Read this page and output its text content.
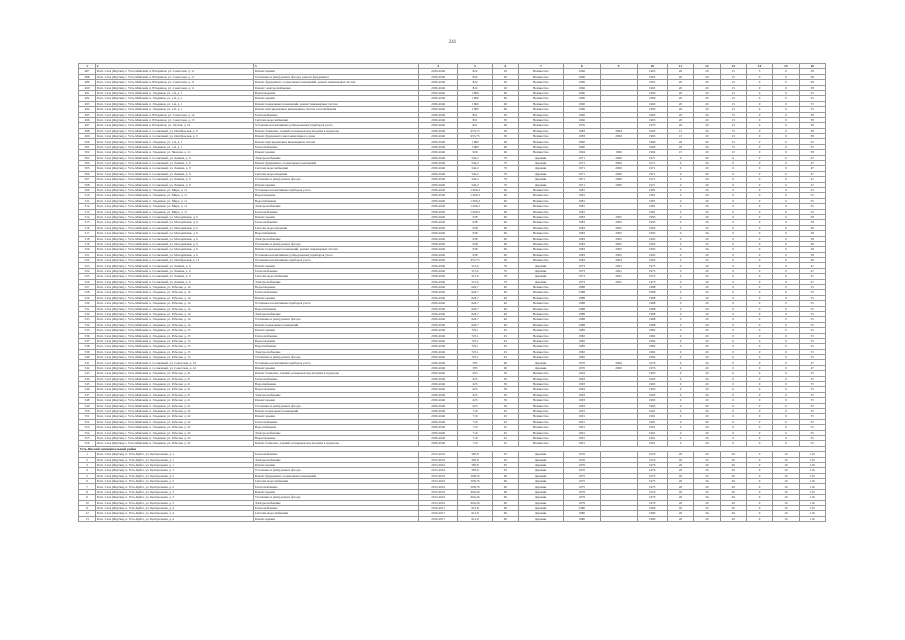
241
1	2	3	4	5	6	7	8	9	10	11	12	13	14	15	16
487	Респ. Саха (Якутия), г. Усть-Майский, п. Югорёнок, ул. Советская, д. 11	Ремонт крыши	2036-2040	822	20	Неизвестно	1966		1965	20	20	15	5	0	58
488	Респ. Саха (Якутия), г. Усть-Майский, п. Югорёнок, ул. Советская, д. 11	Утепление и (или) ремонт фасада, ремонт фундамента	2036-2040	822	20	Неизвестно	1996		1965	20	20	15	0	0	58
489	Респ. Саха (Якутия), г. Усть-Майский, п. Югорёнок, ул. Советская, д. 11	Ремонт фундамента, подвальных помещений, ремонт инженерных систем	2036-2040	822	20	Неизвестно	1966		1965	20	20	15	0	0	58
490	Респ. Саха (Якутия), г. Усть-Майский, п. Югорёнок, ул. Советская, д. 11	Ремонт электроснабжения	2036-2040	822	20	Неизвестно	1966		1965	20	20	15	0	0	58
491	Респ. Саха (Якутия), г. Усть-Майский, п. Эльдикан, ул. 1-й, д. 1	Водоотведение	2036-2040	1 860	60	Неизвестно	1990		1990	20	20	15	0	0	55
492	Респ. Саха (Якутия), г. Усть-Майский, п. Эльдикан, ул. 1-й, д. 1	Ремонт крыши	2036-2040	1 860	60	Неизвестно	1990		1990	20	20	15	0	0	55
493	Респ. Саха (Якутия), г. Усть-Майский, п. Эльдикан, ул. 1-й, д. 1	Ремонт подвальных помещений, ремонт инженерных систем	2036-2040	1 860	60	Неизвестно	1990		1990	20	20	15	0	0	55
494	Респ. Саха (Якутия), г. Усть-Майский, п. Эльдикан, ул. 1-й, д. 1	Ремонт внутридомовых инженерных систем газоснабжения	2036-2040	1 860	60	Неизвестно	1990		1990	20	20	15	0	0	55
495	Респ. Саха (Якутия), г. Усть-Майский, п. Югорёнок, ул. Советская, д. 12	Теплоснабжение	2036-2040	821	50	Неизвестно	1966		1965	20	20	15	0	0	58
496	Респ. Саха (Якутия), г. Усть-Майский, п. Югорёнок, ул. Советская, д. 13	Система водоснабжения	2036-2040	821	50	Неизвестно	1966		1965	20	20	15	0	0	58
497	Респ. Саха (Якутия), г. Усть-Майский, п. Югорёнок, ул. Лесная, д. 16	Установка коллективных (общедомовых) приборов учета	2036-2040	821	60	Неизвестно	1970		1970	20	20	15	0	0	58
498	Респ. Саха (Якутия), г. Усть-Майский, п. Солнечный, ул. Октябрьская, д. 9	Ремонт балконов, лоджий, козырьков над входами в подъезды	2036-2040	953,75	30	Неизвестно	1983	2004	1993	15	20	15	0	0	58
499	Респ. Саха (Якутия), г. Усть-Майский, п. Солнечный, ул. Октябрьская, д. 9	Ремонт фундамента многоквартирного дома	2036-2040	953,75	30	Неизвестно	1983	2004	1993	15	20	15	0	0	58
500	Респ. Саха (Якутия), г. Усть-Майский, п. Эльдикан, ул. 1-й, д. 1	Ремонт внутридомовых инженерных систем	2036-2040	1 860	60	Неизвестно	1990		1990	20	20	15	0	0	55
501	Респ. Саха (Якутия), г. Усть-Майский, п. Эльдикан, ул. 1-й, д. 1	Теплоснабжение	2036-2040	1 860	60	Неизвестно	1990		1990	20	20	15	0	0	55
502	Респ. Саха (Якутия), г. Усть-Майский, п. Эльдикан, ул. Чкалова, д. 11	Ремонт крыши	2036-2040	920	60	Неизвестно	1994	1996	1994	15	20	15	0	0	58
503	Респ. Саха (Якутия), г. Усть-Майский, п. Солнечный, ул. Ленина, д. 9	Электроснабжение	2036-2040	542,2	70	Деревян.	1971	2000	1971	0	20	0	0	0	47
504	Респ. Саха (Якутия), г. Усть-Майский, п. Солнечный, ул. Ленина, д. 9	Ремонт фундамента, подвальных помещений	2036-2040	542,2	70	Деревян.	1971	2000	1971	0	20	0	0	0	47
505	Респ. Саха (Якутия), г. Усть-Майский, п. Солнечный, ул. Ленина, д. 9	Система водоснабжения	2036-2040	542,2	70	Деревян.	1971	2000	1971	0	20	0	0	0	47
506	Респ. Саха (Якутия), г. Усть-Майский, п. Солнечный, ул. Ленина, д. 9	Система водоотведения	2036-2040	542,2	70	Деревян.	1971	2000	1971	0	20	0	0	0	47
507	Респ. Саха (Якутия), г. Усть-Майский, п. Солнечный, ул. Ленина, д. 9	Утепление и (или) ремонт фасада	2036-2040	542,2	70	Деревян.	1971	2000	1971	0	20	0	0	0	47
508	Респ. Саха (Якутия), г. Усть-Майский, п. Солнечный, ул. Ленина, д. 9	Ремонт крыши	2036-2040	542,2	70	Деревян.	1971	2000	1971	0	20	0	0	0	47
509	Респ. Саха (Якутия), г. Усть-Майский, п. Эльдикан, ул. Мира, д. 11	Установка коллективных приборов учета	2036-2040	1 606,3	60	Неизвестно	1981		1981	0	20	0	0	0	55
510	Респ. Саха (Якутия), г. Усть-Майский, п. Эльдикан, ул. Мира, д. 11	Водоотведение	2036-2040	1 606,3	60	Неизвестно	1981		1981	0	20	0	0	0	55
511	Респ. Саха (Якутия), г. Усть-Майский, п. Эльдикан, ул. Мира, д. 11	Водоснабжение	2036-2040	1 606,3	60	Неизвестно	1981		1981	0	20	0	0	0	55
512	Респ. Саха (Якутия), г. Усть-Майский, п. Эльдикан, ул. Мира, д. 11	Электроснабжение	2036-2040	1 606,3	60	Неизвестно	1981		1981	0	20	0	0	0	55
513	Респ. Саха (Якутия), г. Усть-Майский, п. Эльдикан, ул. Мира, д. 11	Теплоснабжение	2036-2040	1 606,3	60	Неизвестно	1981		1981	0	20	0	0	0	55
514	Респ. Саха (Якутия), г. Усть-Майский, п. Солнечный, ул. Молодёжная, д. 6	Ремонт крыши	2036-2040	938	60	Неизвестно	1983	2005	1993	0	20	0	0	0	58
515	Респ. Саха (Якутия), г. Усть-Майский, п. Солнечный, ул. Молодёжная, д. 6	Теплоснабжение	2036-2040	938	60	Неизвестно	1983	2005	1993	0	20	0	0	0	58
516	Респ. Саха (Якутия), г. Усть-Майский, п. Солнечный, ул. Молодёжная, д. 6	Система водоотведения	2036-2040	938	60	Неизвестно	1983	2005	1993	0	20	0	0	0	58
517	Респ. Саха (Якутия), г. Усть-Майский, п. Солнечный, ул. Молодёжная, д. 6	Водоснабжение	2036-2040	938	60	Неизвестно	1983	2005	1993	0	20	0	0	0	58
518	Респ. Саха (Якутия), г. Усть-Майский, п. Солнечный, ул. Молодёжная, д. 6	Электроснабжение	2036-2040	938	60	Неизвестно	1983	2005	1993	0	20	0	0	0	58
519	Респ. Саха (Якутия), г. Усть-Майский, п. Солнечный, ул. Молодёжная, д. 6	Утепление и (или) ремонт фасада	2036-2040	938	60	Неизвестно	1983	2005	1993	0	20	0	0	0	58
520	Респ. Саха (Якутия), г. Усть-Майский, п. Солнечный, ул. Молодёжная, д. 6	Ремонт подвальных помещений, ремонт инженерных систем	2036-2040	938	60	Неизвестно	1983	2005	1993	0	20	0	0	0	58
521	Респ. Саха (Якутия), г. Усть-Майский, п. Солнечный, ул. Молодёжная, д. 6	Установка коллективных (общедомовых) приборов учета	2036-2040	938	60	Неизвестно	1983	2005	1993	0	20	0	0	0	58
522	Респ. Саха (Якутия), г. Усть-Майский, п. Солнечный, ул. Октябрьская, д. 13	Установка коллективных приборов учета	2036-2040	953,75	30	Неизвестно	1983	2004	1993	0	20	0	0	0	58
523	Респ. Саха (Якутия), г. Усть-Майский, п. Солнечный, ул. Ленина, д. 6	Ремонт крыши	2036-2040	515,6	70	Деревян.	1973	2001	1973	0	20	0	0	0	47
524	Респ. Саха (Якутия), г. Усть-Майский, п. Солнечный, ул. Ленина, д. 6	Теплоснабжение	2036-2040	515,6	70	Деревян.	1973	2001	1973	0	20	0	0	0	47
525	Респ. Саха (Якутия), г. Усть-Майский, п. Солнечный, ул. Ленина, д. 6	Система водоснабжения	2036-2040	515,6	70	Деревян.	1973	2001	1973	0	20	0	0	0	47
526	Респ. Саха (Якутия), г. Усть-Майский, п. Солнечный, ул. Ленина, д. 6	Электроснабжение	2036-2040	515,6	70	Деревян.	1973	2001	1973	0	20	0	0	0	47
527	Респ. Саха (Якутия), г. Усть-Майский, п. Эльдикан, ул. Рабочая, д. 14	Водоотведение	2036-2040	626,7	40	Неизвестно	1988		1988	0	20	0	0	0	55
528	Респ. Саха (Якутия), г. Усть-Майский, п. Эльдикан, ул. Рабочая, д. 14	Теплоснабжение	2036-2040	626,7	40	Неизвестно	1988		1988	0	20	0	0	0	55
529	Респ. Саха (Якутия), г. Усть-Майский, п. Эльдикан, ул. Рабочая, д. 14	Ремонт крыши	2036-2040	626,7	40	Неизвестно	1988		1988	0	20	0	0	0	55
530	Респ. Саха (Якутия), г. Усть-Майский, п. Эльдикан, ул. Рабочая, д. 14	Установка коллективных приборов учета	2036-2040	626,7	40	Неизвестно	1988		1988	0	20	0	0	0	55
531	Респ. Саха (Якутия), г. Усть-Майский, п. Эльдикан, ул. Рабочая, д. 14	Водоснабжение	2036-2040	626,7	40	Неизвестно	1988		1988	0	20	0	0	0	55
532	Респ. Саха (Якутия), г. Усть-Майский, п. Эльдикан, ул. Рабочая, д. 14	Электроснабжение	2036-2040	626,7	40	Неизвестно	1988		1988	0	20	0	0	0	55
533	Респ. Саха (Якутия), г. Усть-Майский, п. Эльдикан, ул. Рабочая, д. 14	Утепление и (или) ремонт фасада	2036-2040	626,7	40	Неизвестно	1988		1988	0	20	0	0	0	55
534	Респ. Саха (Якутия), г. Усть-Майский, п. Эльдикан, ул. Рабочая, д. 14	Ремонт подвальных помещений	2036-2040	626,7	40	Неизвестно	1988		1988	0	20	0	0	0	55
535	Респ. Саха (Якутия), г. Усть-Майский, п. Эльдикан, ул. Рабочая, д. 15	Ремонт крыши	2036-2040	725,1	45	Неизвестно	1982		1982	0	20	0	0	0	55
536	Респ. Саха (Якутия), г. Усть-Майский, п. Эльдикан, ул. Рабочая, д. 15	Теплоснабжение	2036-2040	725,1	45	Неизвестно	1982		1982	0	20	0	0	0	55
537	Респ. Саха (Якутия), г. Усть-Майский, п. Эльдикан, ул. Рабочая, д. 15	Водоотведение	2036-2040	725,1	45	Неизвестно	1982		1982	0	20	0	0	0	55
538	Респ. Саха (Якутия), г. Усть-Майский, п. Эльдикан, ул. Рабочая, д. 15	Водоснабжение	2036-2040	725,1	45	Неизвестно	1982		1982	0	20	0	0	0	55
539	Респ. Саха (Якутия), г. Усть-Майский, п. Эльдикан, ул. Рабочая, д. 15	Электроснабжение	2036-2040	725,1	45	Неизвестно	1982		1982	0	20	0	0	0	55
540	Респ. Саха (Якутия), г. Усть-Майский, п. Эльдикан, ул. Рабочая, д. 15	Утепление и (или) ремонт фасада	2036-2040	725,1	45	Неизвестно	1982		1982	0	20	0	0	0	55
541	Респ. Саха (Якутия), г. Усть-Майский, п. Солнечный, ул. Советская, д. 16	Установка коллективных приборов учета	2036-2040	585	60	Деревян.	1976	2006	1976	0	20	0	0	0	47
542	Респ. Саха (Якутия), г. Усть-Майский, п. Солнечный, ул. Советская, д. 16	Ремонт крыши	2036-2040	585	60	Деревян.	1976	2006	1976	0	20	0	0	0	47
543	Респ. Саха (Якутия), г. Усть-Майский, п. Эльдикан, ул. Рабочая, д. 21	Ремонт балконов, лоджий, козырьков над входами в подъезды	2036-2040	625	50	Неизвестно	1993		1993	0	20	0	0	0	55
544	Респ. Саха (Якутия), г. Усть-Майский, п. Эльдикан, ул. Рабочая, д. 21	Теплоснабжение	2036-2040	625	50	Неизвестно	1993		1993	0	20	0	0	0	55
545	Респ. Саха (Якутия), г. Усть-Майский, п. Эльдикан, ул. Рабочая, д. 21	Водоснабжение	2036-2040	625	50	Неизвестно	1993		1993	0	20	0	0	0	55
546	Респ. Саха (Якутия), г. Усть-Майский, п. Эльдикан, ул. Рабочая, д. 21	Водоотведение	2036-2040	625	50	Неизвестно	1993		1993	0	20	0	0	0	55
547	Респ. Саха (Якутия), г. Усть-Майский, п. Эльдикан, ул. Рабочая, д. 21	Электроснабжение	2036-2040	625	50	Неизвестно	1993		1993	0	20	0	0	0	55
548	Респ. Саха (Якутия), г. Усть-Майский, п. Эльдикан, ул. Рабочая, д. 21	Ремонт крыши	2036-2040	625	50	Неизвестно	1993		1993	0	20	0	0	0	55
549	Респ. Саха (Якутия), г. Усть-Майский, п. Эльдикан, ул. Рабочая, д. 21	Утепление и (или) ремонт фасада	2036-2040	625	50	Неизвестно	1993		1993	0	20	0	0	0	55
550	Респ. Саха (Якутия), г. Усть-Майский, п. Эльдикан, ул. Рабочая, д. 22	Ремонт подвальных помещений	2036-2040	710	45	Неизвестно	1991		1991	0	20	0	0	0	55
551	Респ. Саха (Якутия), г. Усть-Майский, п. Эльдикан, ул. Рабочая, д. 22	Ремонт крыши	2036-2040	710	45	Неизвестно	1991		1991	0	20	0	0	0	55
552	Респ. Саха (Якутия), г. Усть-Майский, п. Эльдикан, ул. Рабочая, д. 22	Теплоснабжение	2036-2040	710	45	Неизвестно	1991		1991	0	20	0	0	0	55
553	Респ. Саха (Якутия), г. Усть-Майский, п. Эльдикан, ул. Рабочая, д. 22	Водоснабжение	2036-2040	710	45	Неизвестно	1991		1991	0	20	0	0	0	55
554	Респ. Саха (Якутия), г. Усть-Майский, п. Эльдикан, ул. Рабочая, д. 22	Электроснабжение	2036-2040	710	45	Неизвестно	1991		1991	0	20	0	0	0	55
555	Респ. Саха (Якутия), г. Усть-Майский, п. Эльдикан, ул. Рабочая, д. 22	Водоотведение	2036-2040	710	45	Неизвестно	1991		1991	0	20	0	0	0	55
556	Респ. Саха (Якутия), г. Усть-Майский, п. Эльдикан, ул. Рабочая, д. 22	Ремонт балконов, лоджий, козырьков над входами в подъезды	2036-2040	710	45	Неизвестно	1991		1991	0	20	0	0	0	55
Усть-Янский муниципальный район															
1	Респ. Саха (Якутия), п. Усть-Куйга, ул. Центральная, д. 1	Теплоснабжение	2015-2016	585,8	65	Деревян.	1976		1976	20	20	20	0	10	116
2	Респ. Саха (Якутия), п. Усть-Куйга, ул. Центральная, д. 1	Электроснабжение	2015-2016	585,8	65	Деревян.	1976		1976	20	20	20	0	10	116
3	Респ. Саха (Якутия), п. Усть-Куйга, ул. Центральная, д. 1	Ремонт крыши	2015-2016	585,8	65	Деревян.	1976		1976	20	20	20	0	10	116
4	Респ. Саха (Якутия), п. Усть-Куйга, ул. Центральная, д. 1	Утепление и (или) ремонт фасада	2015-2016	585,8	65	Деревян.	1976		1976	20	20	20	0	10	116
5	Респ. Саха (Якутия), п. Усть-Куйга, ул. Центральная, д. 2	Ремонт фундамента, подвальных помещений	2015-2016	508,76	60	Деревян.	1975		1975	20	20	20	0	10	116
6	Респ. Саха (Якутия), п. Усть-Куйга, ул. Центральная, д. 2	Система водоснабжения	2015-2016	508,76	60	Деревян.	1975		1975	20	20	20	0	10	116
7	Респ. Саха (Якутия), п. Усть-Куйга, ул. Центральная, д. 2	Теплоснабжение	2015-2016	508,76	60	Деревян.	1975		1975	20	20	20	0	10	116
8	Респ. Саха (Якутия), п. Усть-Куйга, ул. Центральная, д. 3	Ремонт крыши	2015-2016	604,26	60	Деревян.	1979		1979	20	20	20	0	10	116
9	Респ. Саха (Якутия), п. Усть-Куйга, ул. Центральная, д. 3	Утепление и (или) ремонт фасада	2015-2016	604,26	60	Деревян.	1979		1979	20	20	20	0	10	116
10	Респ. Саха (Якутия), п. Усть-Куйга, ул. Центральная, д. 3	Электроснабжение	2015-2016	604,26	60	Деревян.	1979		1979	20	20	20	0	10	116
11	Респ. Саха (Якутия), п. Усть-Куйга, ул. Центральная, д. 4	Теплоснабжение	2016-2017	612,8	60	Деревян.	1980		1980	20	20	20	0	10	116
12	Респ. Саха (Якутия), п. Усть-Куйга, ул. Центральная, д. 4	Система водоснабжения	2016-2017	612,8	60	Деревян.	1980		1980	20	20	20	0	10	116
13	Респ. Саха (Якутия), п. Усть-Куйга, ул. Центральная, д. 4	Ремонт крыши	2016-2017	612,8	60	Деревян.	1980		1980	20	20	20	0	10	116
